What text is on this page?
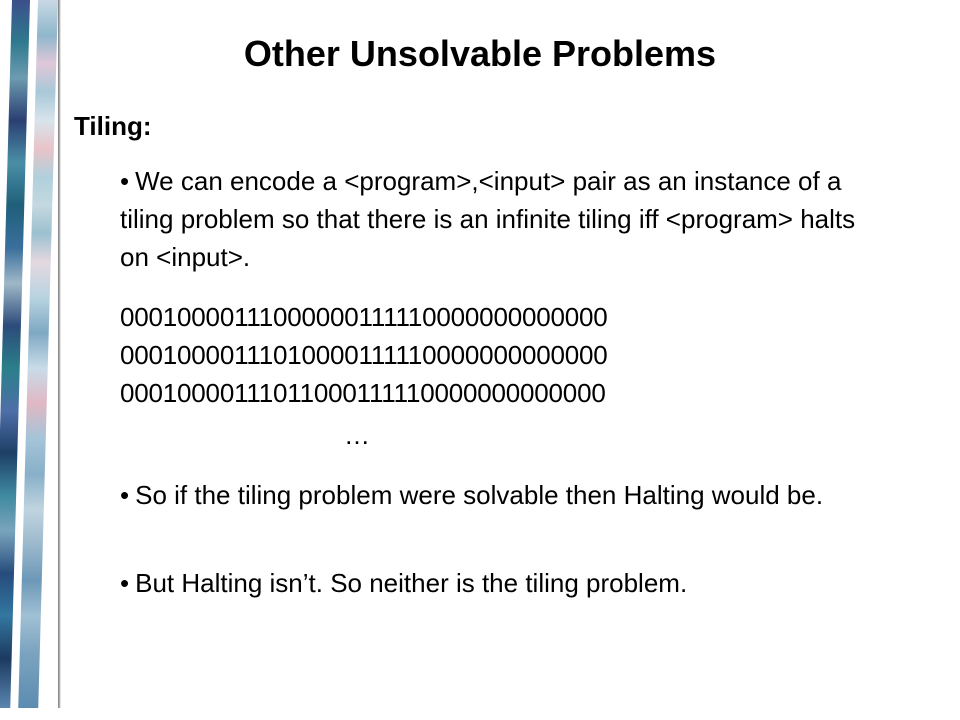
Other Unsolvable Problems
Tiling:
• We can encode a <program>,<input> pair as an instance of a tiling problem so that there is an infinite tiling iff <program> halts on <input>.
00010000111000000111110000000000000
00010000111010000111110000000000000
00010000111011000111110000000000000
…
• So if the tiling problem were solvable then Halting would be.
• But Halting isn’t. So neither is the tiling problem.
